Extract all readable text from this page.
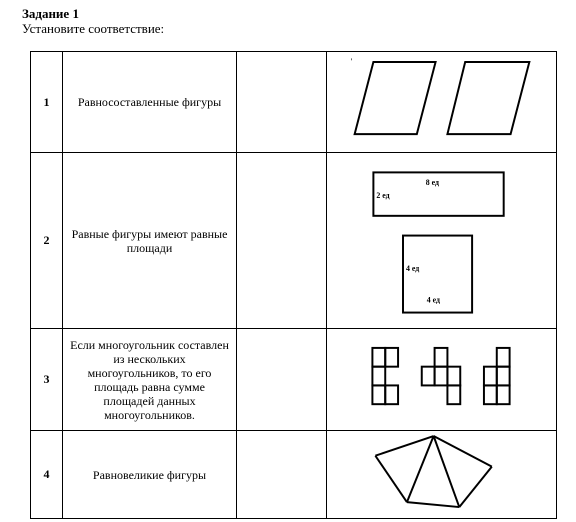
Задание 1
Установите соответствие:
1	Равносоставленные фигуры		'

2	Равные фигуры имеют равные площади		8 ед
2 ед
4 ед
4 ед

3	Если многоугольник составлен из нескольких многоугольников, то его площадь равна сумме площадей данных многоугольников.

4	Равновеликие фигуры
